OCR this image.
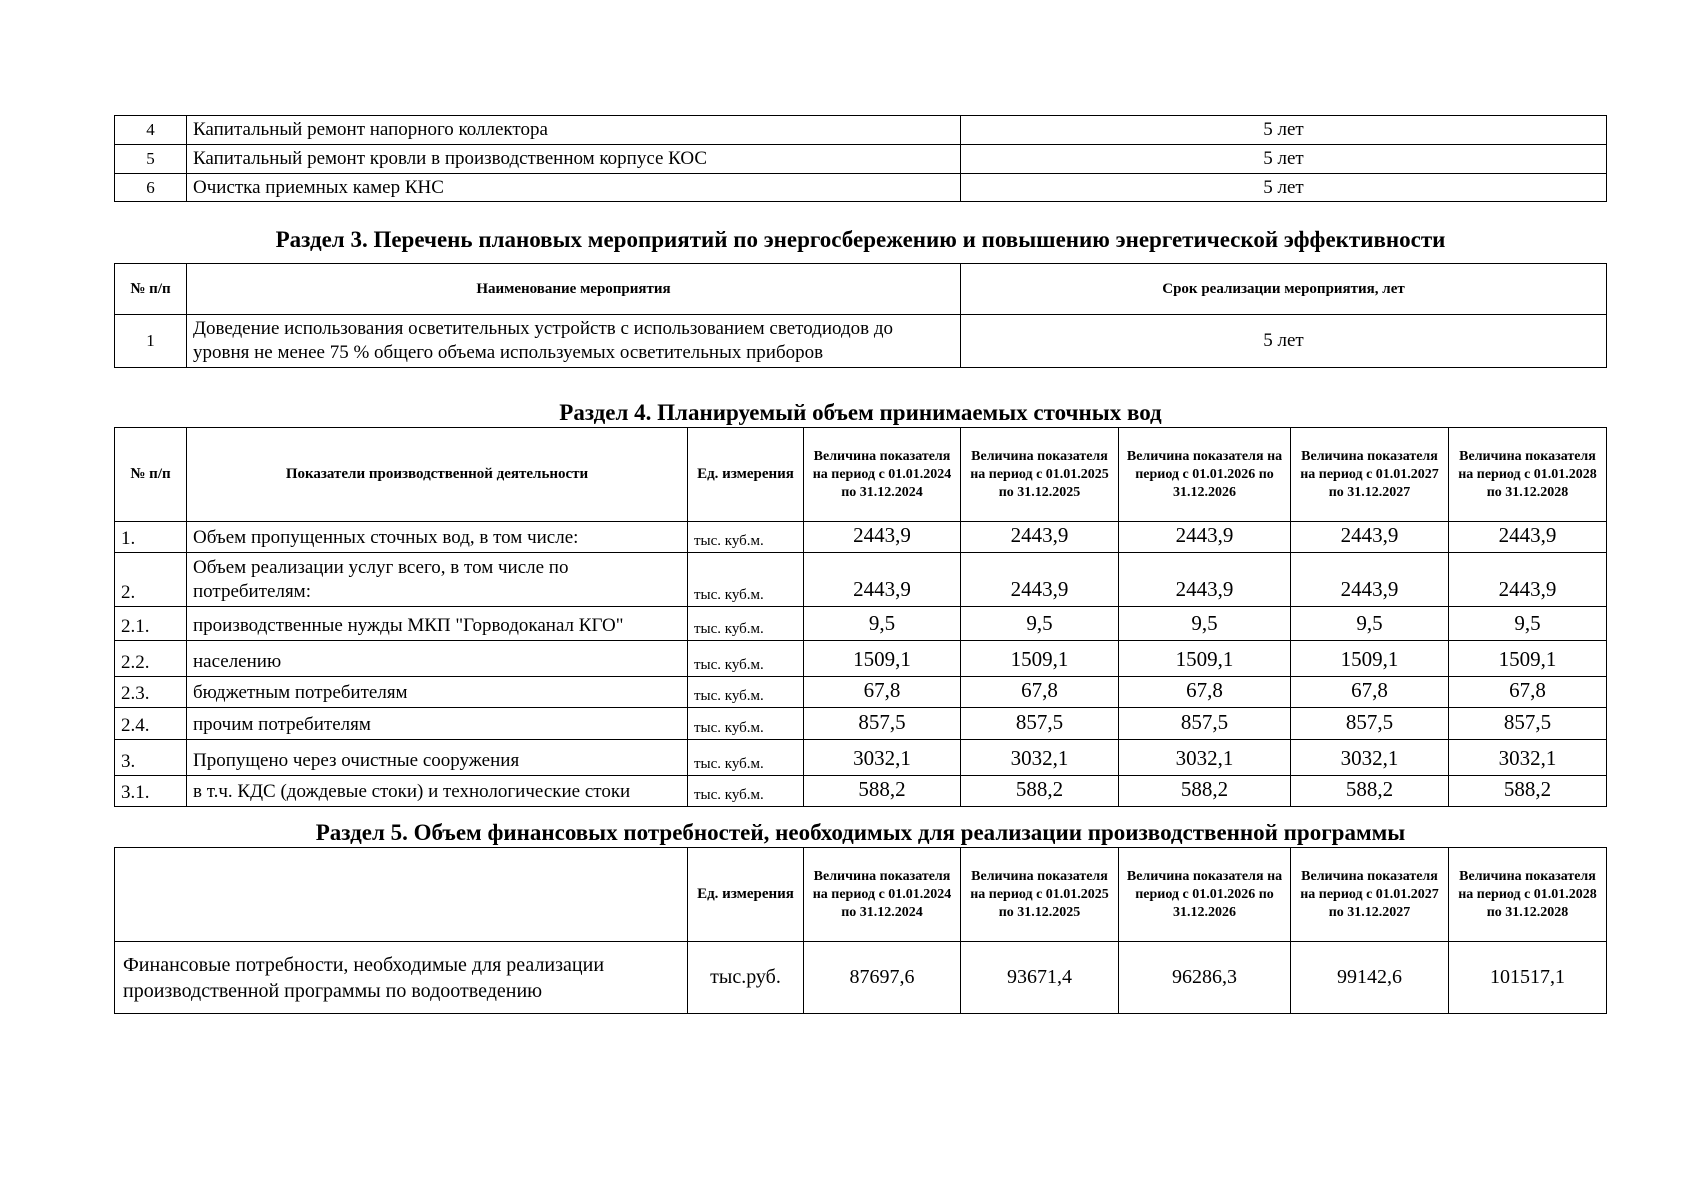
4	Капитальный ремонт напорного коллектора	5 лет
5	Капитальный ремонт кровли в производственном корпусе КОС	5 лет
6	Очистка приемных камер КНС	5 лет
Раздел 3. Перечень плановых мероприятий по энергосбережению и повышению энергетической эффективности
№ п/п	Наименование мероприятия	Срок реализации мероприятия, лет
1	Доведение использования осветительных устройств с использованием светодиодов до уровня не менее 75 % общего объема используемых осветительных приборов	5 лет
Раздел 4. Планируемый объем принимаемых сточных вод
№ п/п	Показатели производственной деятельности	Ед. измерения	Величина показателя на период с 01.01.2024 по 31.12.2024	Величина показателя на период с 01.01.2025 по 31.12.2025	Величина показателя на период с 01.01.2026 по 31.12.2026	Величина показателя на период с 01.01.2027 по 31.12.2027	Величина показателя на период с 01.01.2028 по 31.12.2028
1.	Объем пропущенных сточных вод, в том числе:	тыс. куб.м.	2443,9	2443,9	2443,9	2443,9	2443,9
2.	Объем реализации услуг всего, в том числе по потребителям:	тыс. куб.м.	2443,9	2443,9	2443,9	2443,9	2443,9
2.1.	производственные нужды МКП "Горводоканал КГО"	тыс. куб.м.	9,5	9,5	9,5	9,5	9,5
2.2.	населению	тыс. куб.м.	1509,1	1509,1	1509,1	1509,1	1509,1
2.3.	бюджетным потребителям	тыс. куб.м.	67,8	67,8	67,8	67,8	67,8
2.4.	прочим потребителям	тыс. куб.м.	857,5	857,5	857,5	857,5	857,5
3.	Пропущено через очистные сооружения	тыс. куб.м.	3032,1	3032,1	3032,1	3032,1	3032,1
3.1.	в т.ч. КДС (дождевые стоки) и технологические стоки	тыс. куб.м.	588,2	588,2	588,2	588,2	588,2
Раздел 5. Объем финансовых потребностей, необходимых для реализации производственной программы
	Ед. измерения	Величина показателя на период с 01.01.2024 по 31.12.2024	Величина показателя на период с 01.01.2025 по 31.12.2025	Величина показателя на период с 01.01.2026 по 31.12.2026	Величина показателя на период с 01.01.2027 по 31.12.2027	Величина показателя на период с 01.01.2028 по 31.12.2028
Финансовые потребности, необходимые для реализации производственной программы по водоотведению	тыс.руб.	87697,6	93671,4	96286,3	99142,6	101517,1
